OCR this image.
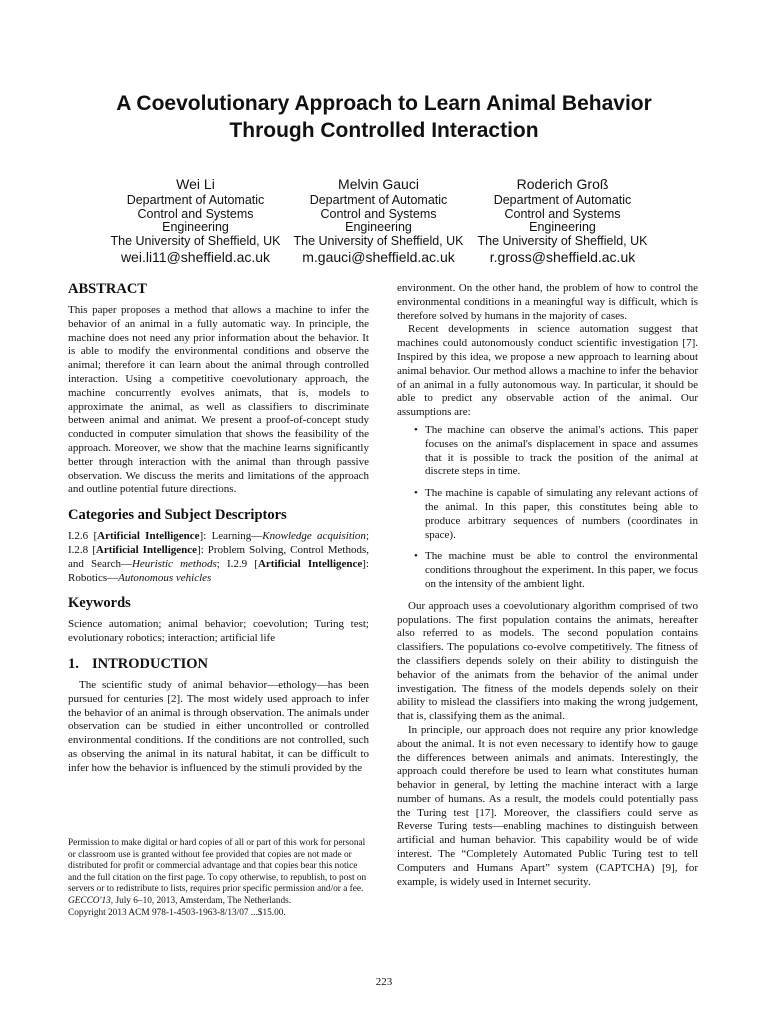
A Coevolutionary Approach to Learn Animal Behavior
Through Controlled Interaction
Wei Li
Department of Automatic
Control and Systems
Engineering
The University of Sheffield, UK
wei.li11@sheffield.ac.uk
Melvin Gauci
Department of Automatic
Control and Systems
Engineering
The University of Sheffield, UK
m.gauci@sheffield.ac.uk
Roderich Groß
Department of Automatic
Control and Systems
Engineering
The University of Sheffield, UK
r.gross@sheffield.ac.uk
ABSTRACT

This paper proposes a method that allows a machine to infer the behavior of an animal in a fully automatic way. In principle, the machine does not need any prior information about the behavior. It is able to modify the environmental conditions and observe the animal; therefore it can learn about the animal through controlled interaction. Using a competitive coevolutionary approach, the machine concurrently evolves animats, that is, models to approximate the animal, as well as classifiers to discriminate between animal and animat. We present a proof-of-concept study conducted in computer simulation that shows the feasibility of the approach. Moreover, we show that the machine learns significantly better through interaction with the animal than through passive observation. We discuss the merits and limitations of the approach and outline potential future directions.

Categories and Subject Descriptors

I.2.6 [Artificial Intelligence]: Learning—Knowledge acquisition; I.2.8 [Artificial Intelligence]: Problem Solving, Control Methods, and Search—Heuristic methods; I.2.9 [Artificial Intelligence]: Robotics—Autonomous vehicles

Keywords

Science automation; animal behavior; coevolution; Turing test; evolutionary robotics; interaction; artificial life

1. INTRODUCTION

The scientific study of animal behavior—ethology—has been pursued for centuries [2]. The most widely used approach to infer the behavior of an animal is through observation. The animals under observation can be studied in either uncontrolled or controlled environmental conditions. If the conditions are not controlled, such as observing the animal in its natural habitat, it can be difficult to infer how the behavior is influenced by the stimuli provided by the

environment. On the other hand, the problem of how to control the environmental conditions in a meaningful way is difficult, which is therefore solved by humans in the majority of cases.

Recent developments in science automation suggest that machines could autonomously conduct scientific investigation [7]. Inspired by this idea, we propose a new approach to learning about animal behavior. Our method allows a machine to infer the behavior of an animal in a fully autonomous way. In particular, it should be able to predict any observable action of the animal. Our assumptions are:

• The machine can observe the animal's actions. This paper focuses on the animal's displacement in space and assumes that it is possible to track the position of the animal at discrete steps in time.
• The machine is capable of simulating any relevant actions of the animal. In this paper, this constitutes being able to produce arbitrary sequences of numbers (coordinates in space).
• The machine must be able to control the environmental conditions throughout the experiment. In this paper, we focus on the intensity of the ambient light.

Our approach uses a coevolutionary algorithm comprised of two populations. The first population contains the animats, hereafter also referred to as models. The second population contains classifiers. The populations co-evolve competitively. The fitness of the classifiers depends solely on their ability to distinguish the behavior of the animats from the behavior of the animal under investigation. The fitness of the models depends solely on their ability to mislead the classifiers into making the wrong judgement, that is, classifying them as the animal.

In principle, our approach does not require any prior knowledge about the animal. It is not even necessary to identify how to gauge the differences between animals and animats. Interestingly, the approach could therefore be used to learn what constitutes human behavior in general, by letting the machine interact with a large number of humans. As a result, the models could potentially pass the Turing test [17]. Moreover, the classifiers could serve as Reverse Turing tests—enabling machines to distinguish between artificial and human behavior. This capability would be of wide interest. The “Completely Automated Public Turing test to tell Computers and Humans Apart” system (CAPTCHA) [9], for example, is widely used in Internet security.

Permission to make digital or hard copies of all or part of this work for personal or classroom use is granted without fee provided that copies are not made or distributed for profit or commercial advantage and that copies bear this notice and the full citation on the first page. To copy otherwise, to republish, to post on servers or to redistribute to lists, requires prior specific permission and/or a fee.

GECCO'13, July 6–10, 2013, Amsterdam, The Netherlands.

Copyright 2013 ACM 978-1-4503-1963-8/13/07 ...$15.00.

223
